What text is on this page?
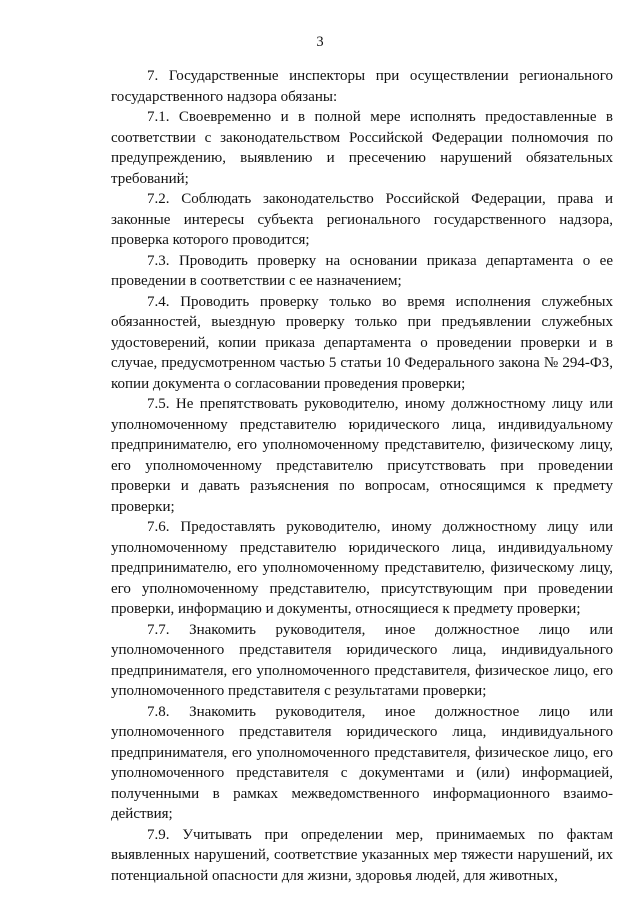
3

7. Государственные инспекторы при осуществлении регионального государственного надзора обязаны:

7.1. Своевременно и в полной мере исполнять предоставленные в соответствии с законодательством Российской Федерации полномочия по предупреждению, выявлению и пресечению нарушений обязательных требований;

7.2. Соблюдать законодательство Российской Федерации, права и законные интересы субъекта регионального государственного надзора, проверка которого проводится;

7.3. Проводить проверку на основании приказа департамента о ее проведении в соответствии с ее назначением;

7.4. Проводить проверку только во время исполнения служебных обязанностей, выездную проверку только при предъявлении служебных удостоверений, копии приказа департамента о проведении проверки и в случае, предусмотренном частью 5 статьи 10 Федерального закона № 294-ФЗ, копии документа о согласовании проведения проверки;

7.5. Не препятствовать руководителю, иному должностному лицу или уполномоченному представителю юридического лица, индивидуальному предпринимателю, его уполномоченному представителю, физическому лицу, его уполномоченному представителю присутствовать при проведении проверки и давать разъяснения по вопросам, относящимся к предмету проверки;

7.6. Предоставлять руководителю, иному должностному лицу или уполномоченному представителю юридического лица, индивидуальному предпринимателю, его уполномоченному представителю, физическому лицу, его уполномоченному представителю, присутствующим при проведении проверки, информацию и документы, относящиеся к предмету проверки;

7.7. Знакомить руководителя, иное должностное лицо или уполномоченного представителя юридического лица, индивидуального предпринимателя, его уполномоченного представителя, физическое лицо, его уполномоченного представителя с результатами проверки;

7.8. Знакомить руководителя, иное должностное лицо или уполномоченного представителя юридического лица, индивидуального предпринимателя, его уполномоченного представителя, физическое лицо, его уполномоченного представителя с документами и (или) информацией, полученными в рамках межведомственного информационного взаимо-действия;

7.9. Учитывать при определении мер, принимаемых по фактам выявленных нарушений, соответствие указанных мер тяжести нарушений, их потенциальной опасности для жизни, здоровья людей, для животных,
